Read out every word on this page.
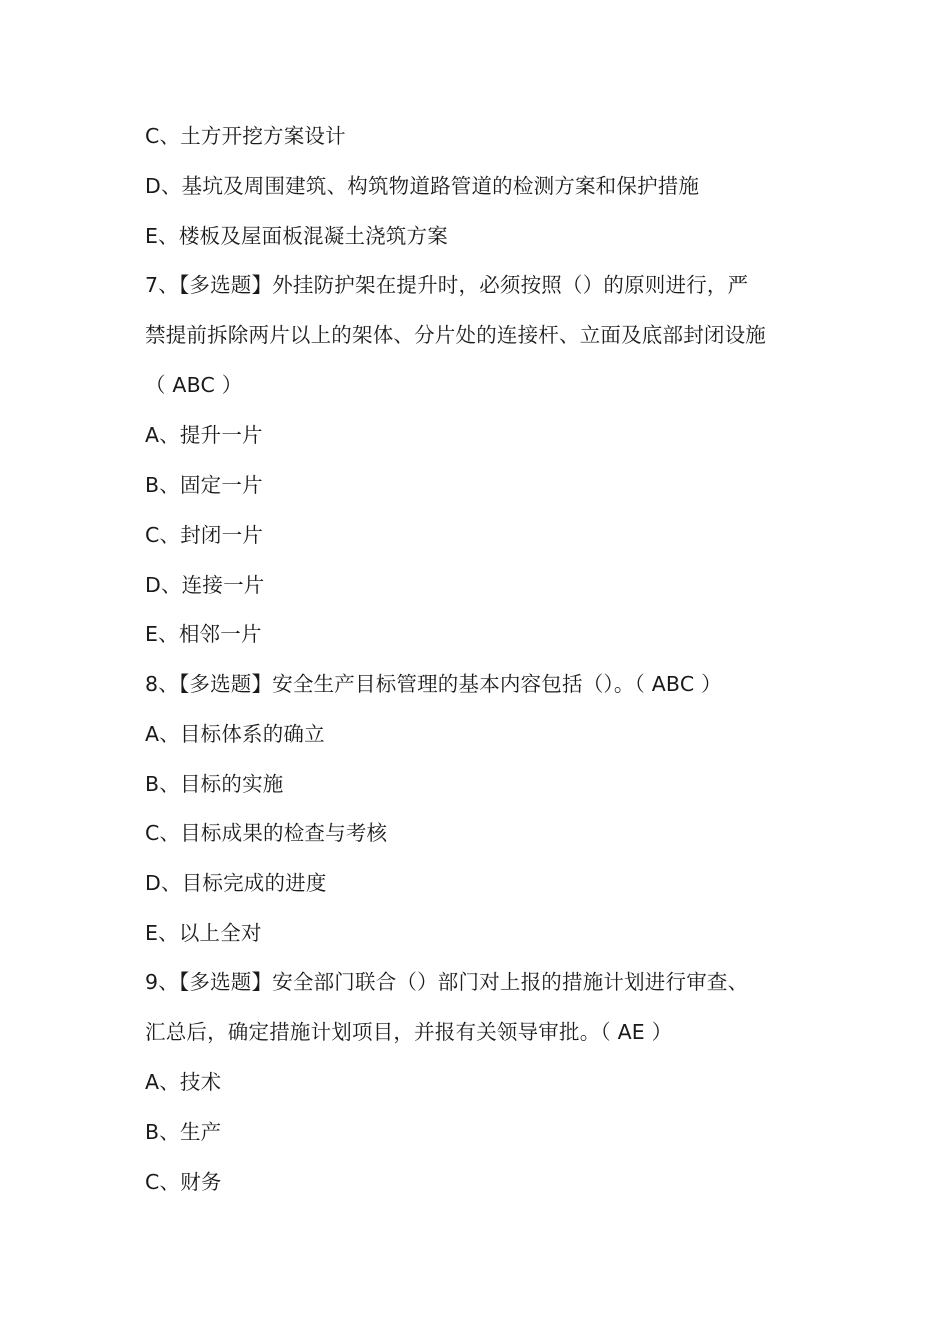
C、土方开挖方案设计
D、基坑及周围建筑、构筑物道路管道的检测方案和保护措施
E、楼板及屋面板混凝土浇筑方案
7、【多选题】外挂防护架在提升时，必须按照（）的原则进行，严
禁提前拆除两片以上的架体、分片处的连接杆、立面及底部封闭设施
（ ABC ）
A、提升一片
B、固定一片
C、封闭一片
D、连接一片
E、相邻一片
8、【多选题】安全生产目标管理的基本内容包括（）。（ ABC ）
A、目标体系的确立
B、目标的实施
C、目标成果的检查与考核
D、目标完成的进度
E、以上全对
9、【多选题】安全部门联合（）部门对上报的措施计划进行审查、
汇总后，确定措施计划项目，并报有关领导审批。（ AE ）
A、技术
B、生产
C、财务
